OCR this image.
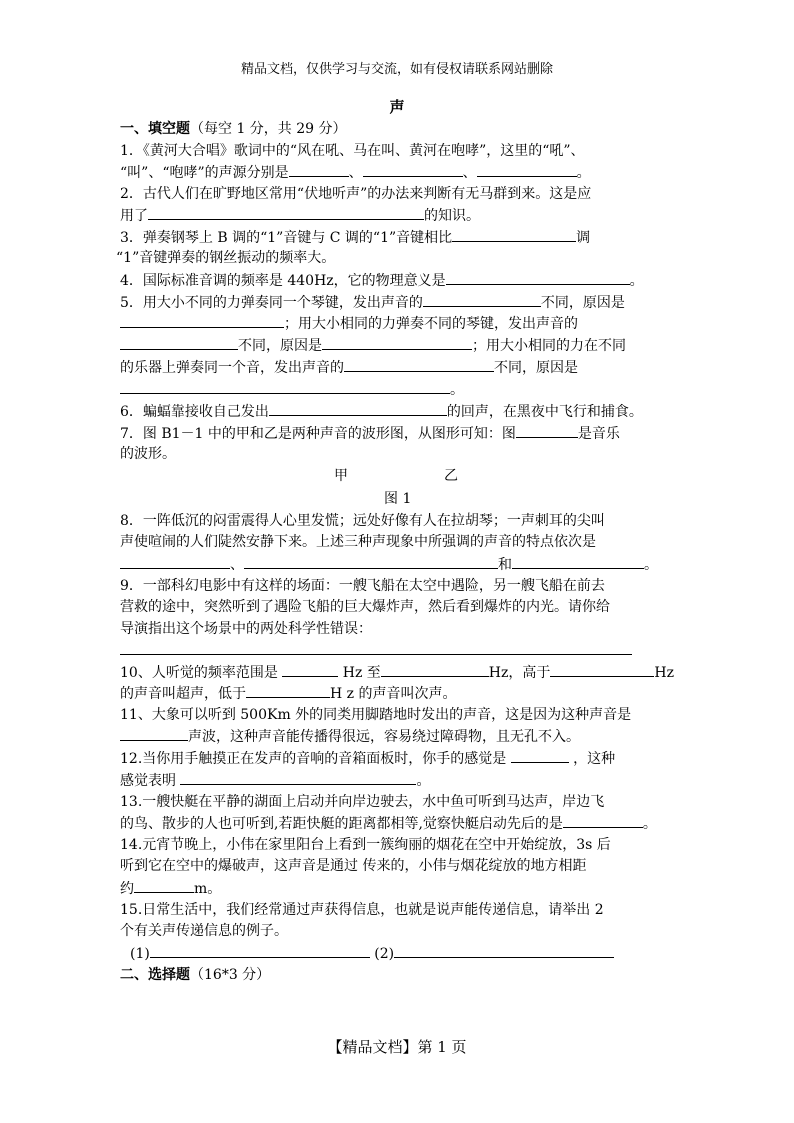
精品文档，仅供学习与交流，如有侵权请联系网站删除
声
一、填空题（每空 1 分，共 29 分）
1．《黄河大合唱》歌词中的“风在吼、马在叫、黄河在咆哮”，这里的“吼”、
“叫”、“咆哮”的声源分别是	、	、	。
2．古代人们在旷野地区常用“伏地听声”的办法来判断有无马群到来。这是应
用了	的知识。
3．弹奏钢琴上 B 调的“1”音键与 C 调的“1”音键相比	调
“1”音键弹奏的钢丝振动的频率大。
4．国际标准音调的频率是 440Hz，它的物理意义是	。
5．用大小不同的力弹奏同一个琴键，发出声音的	不同，原因是
；用大小相同的力弹奏不同的琴键，发出声音的
不同，原因是	；用大小相同的力在不同
的乐器上弹奏同一个音，发出声音的	不同，原因是
。
6．蝙蝠靠接收自己发出	的回声，在黑夜中飞行和捕食。
7．图 B1－1 中的甲和乙是两种声音的波形图，从图形可知：图	是音乐
的波形。
甲	乙
图 1
8．一阵低沉的闷雷震得人心里发慌；远处好像有人在拉胡琴；一声刺耳的尖叫
声使喧闹的人们陡然安静下来。上述三种声现象中所强调的声音的特点依次是
、	和	。
9．一部科幻电影中有这样的场面：一艘飞船在太空中遇险，另一艘飞船在前去
营救的途中，突然听到了遇险飞船的巨大爆炸声，然后看到爆炸的内光。请你给
导演指出这个场景中的两处科学性错误：
10、人听觉的频率范围是	Hz 至	Hz，高于	Hz
的声音叫超声，低于	H z 的声音叫次声。
11、大象可以听到 500Km 外的同类用脚踏地时发出的声音，这是因为这种声音是
声波，这种声音能传播得很远，容易绕过障碍物，且无孔不入。
12.当你用手触摸正在发声的音响的音箱面板时，你手的感觉是	，这种
感觉表明	。
13.一艘快艇在平静的湖面上启动并向岸边驶去，水中鱼可听到马达声，岸边飞
的鸟、散步的人也可听到,若距快艇的距离都相等,觉察快艇启动先后的是	。
14.元宵节晚上，小伟在家里阳台上看到一簇绚丽的烟花在空中开始绽放，3s 后
听到它在空中的爆破声，这声音是通过 传来的，小伟与烟花绽放的地方相距
约	m。
15.日常生活中，我们经常通过声获得信息，也就是说声能传递信息，请举出 2
个有关声传递信息的例子。
(1)	(2)
二、选择题（16*3 分）
【精品文档】第 1 页
